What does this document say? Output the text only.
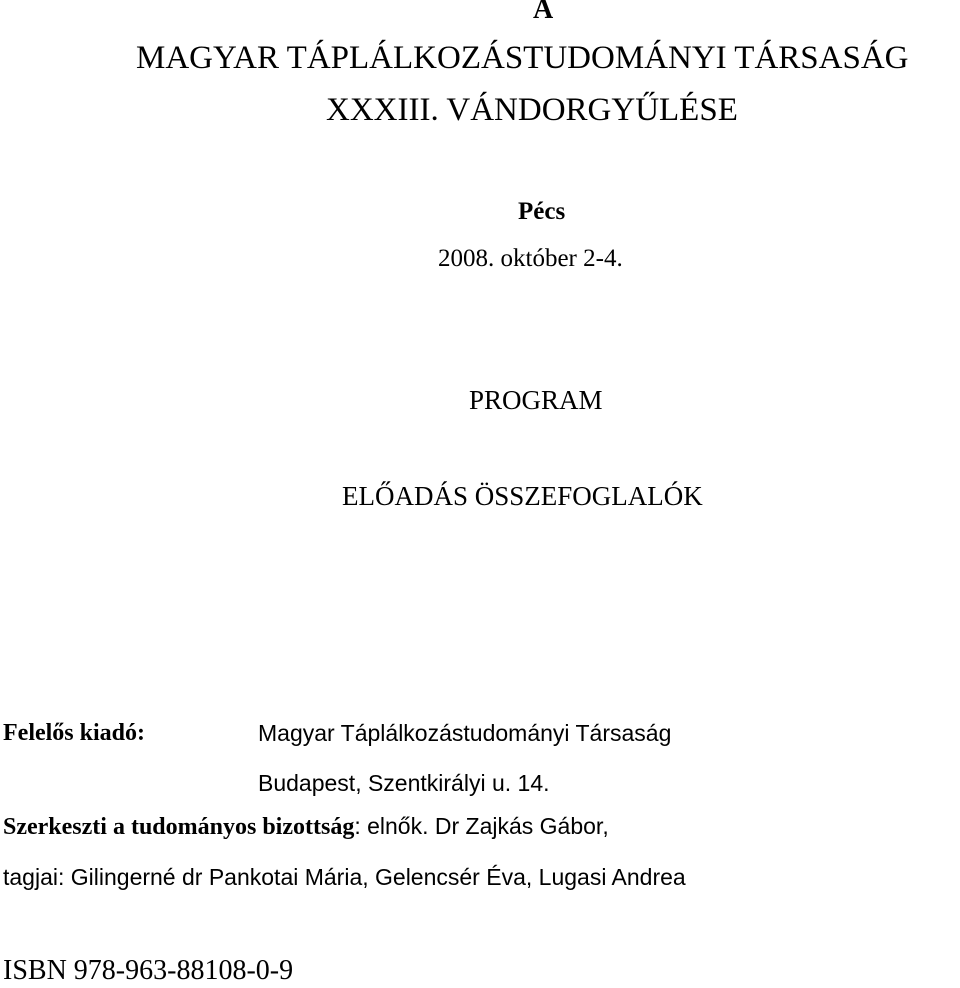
A

MAGYAR TÁPLÁLKOZÁSTUDOMÁNYI TÁRSASÁG

XXXIII. VÁNDORGYŰLÉSE

Pécs

2008. október 2-4.

PROGRAM

ELŐADÁS ÖSSZEFOGLALÓK

Felelős kiadó:	Magyar Táplálkozástudományi Társaság

Budapest, Szentkirályi u. 14.

Szerkeszti a tudományos bizottság: elnők. Dr Zajkás Gábor,

tagjai: Gilingerné dr Pankotai Mária, Gelencsér Éva, Lugasi Andrea

ISBN 978-963-88108-0-9
